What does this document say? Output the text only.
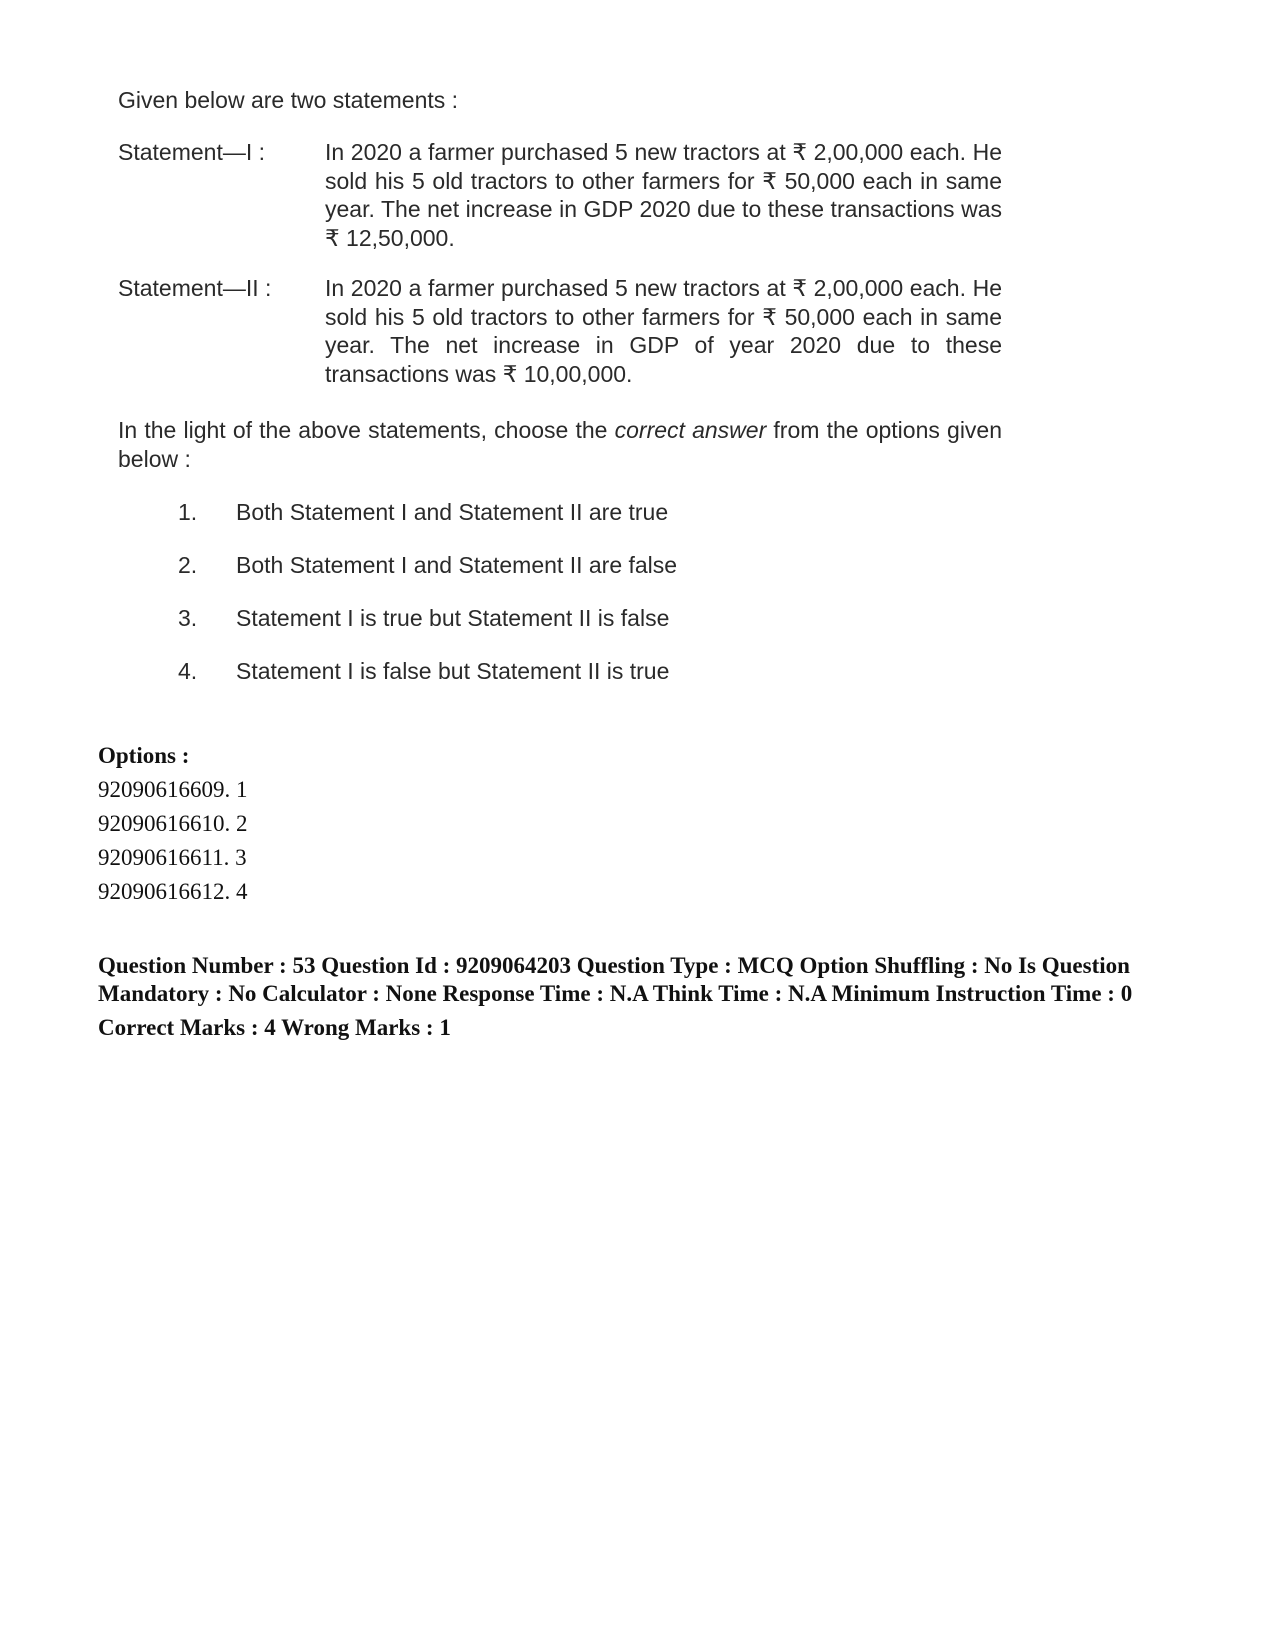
Given below are two statements :

Statement—I :	In 2020 a farmer purchased 5 new tractors at ₹ 2,00,000 each. He sold his 5 old tractors to other farmers for ₹ 50,000 each in same year. The net increase in GDP 2020 due to these transactions was ₹ 12,50,000.
Statement—II :	In 2020 a farmer purchased 5 new tractors at ₹ 2,00,000 each. He sold his 5 old tractors to other farmers for ₹ 50,000 each in same year. The net increase in GDP of year 2020 due to these transactions was ₹ 10,00,000.
In the light of the above statements, choose the correct answer from the options given below :
1.	Both Statement I and Statement II are true
2.	Both Statement I and Statement II are false
3.	Statement I is true but Statement II is false
4.	Statement I is false but Statement II is true
Options :
92090616609. 1
92090616610. 2
92090616611. 3
92090616612. 4
Question Number : 53 Question Id : 9209064203 Question Type : MCQ Option Shuffling : No Is Question Mandatory : No Calculator : None Response Time : N.A Think Time : N.A Minimum Instruction Time : 0
Correct Marks : 4 Wrong Marks : 1
